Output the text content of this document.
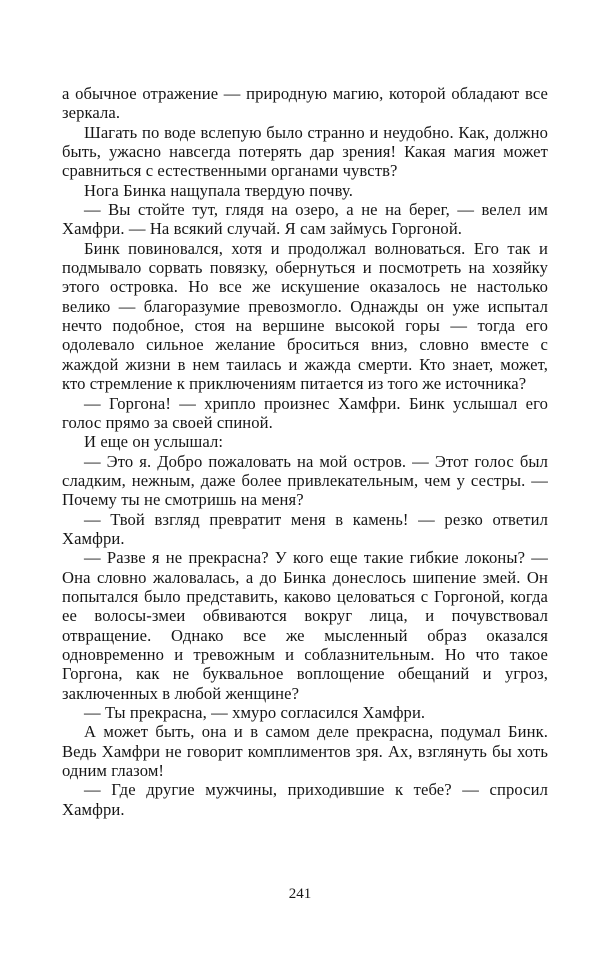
а обычное отражение — природную магию, которой обладают все зеркала.

Шагать по воде вслепую было странно и неудобно. Как, должно быть, ужасно навсегда потерять дар зрения! Какая магия может сравниться с естественными органами чувств?

Нога Бинка нащупала твердую почву.

— Вы стойте тут, глядя на озеро, а не на берег, — велел им Хамфри. — На всякий случай. Я сам займусь Горгоной.

Бинк повиновался, хотя и продолжал волноваться. Его так и подмывало сорвать повязку, обернуться и посмотреть на хозяйку этого островка. Но все же искушение оказалось не настолько велико — благоразумие превозмогло. Однажды он уже испытал нечто подобное, стоя на вершине высокой горы — тогда его одолевало сильное желание броситься вниз, словно вместе с жаждой жизни в нем таилась и жажда смерти. Кто знает, может, кто стремление к приключениям питается из того же источника?

— Горгона! — хрипло произнес Хамфри. Бинк услышал его голос прямо за своей спиной.

И еще он услышал:

— Это я. Добро пожаловать на мой остров. — Этот голос был сладким, нежным, даже более привлекательным, чем у сестры. — Почему ты не смотришь на меня?

— Твой взгляд превратит меня в камень! — резко ответил Хамфри.

— Разве я не прекрасна? У кого еще такие гибкие локоны? — Она словно жаловалась, а до Бинка донеслось шипение змей. Он попытался было представить, каково целоваться с Горгоной, когда ее волосы-змеи обвиваются вокруг лица, и почувствовал отвращение. Однако все же мысленный образ оказался одновременно и тревожным и соблазнительным. Но что такое Горгона, как не буквальное воплощение обещаний и угроз, заключенных в любой женщине?

— Ты прекрасна, — хмуро согласился Хамфри.

А может быть, она и в самом деле прекрасна, подумал Бинк. Ведь Хамфри не говорит комплиментов зря. Ах, взглянуть бы хоть одним глазом!

— Где другие мужчины, приходившие к тебе? — спросил Хамфри.

241
